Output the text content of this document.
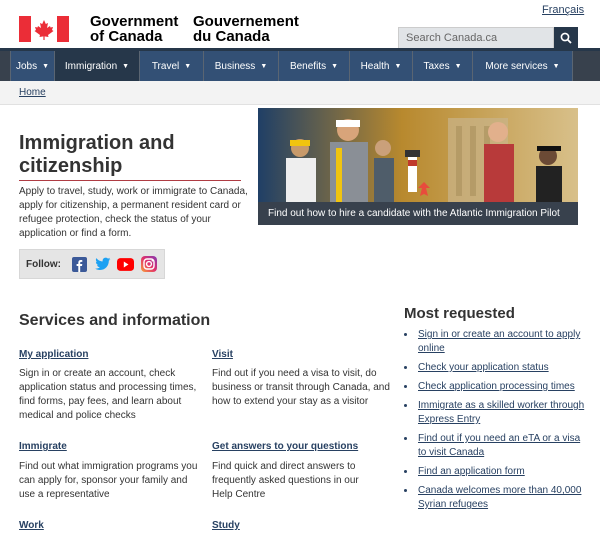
Français
Government
of Canada
Gouvernement
du Canada
Search Canada.ca
Jobs ▼ Immigration ▼ Travel ▼ Business ▼ Benefits ▼ Health ▼ Taxes ▼ More services ▼
Home
Immigration and citizenship

Apply to travel, study, work or immigrate to Canada, apply for citizenship, a permanent resident card or refugee protection, check the status of your application or find a form.

Follow:
Find out how to hire a candidate with the Atlantic Immigration Pilot
Services and information
My application

Sign in or create an account, check application status and processing times, find forms, pay fees, and learn about medical and police checks

Visit

Find out if you need a visa to visit, do business or transit through Canada, and how to extend your stay as a visitor

Immigrate

Find out what immigration programs you can apply for, sponsor your family and use a representative

Get answers to your questions

Find quick and direct answers to frequently asked questions in our Help Centre

Work	Study
Most requested
• Sign in or create an account to apply online
• Check your application status
• Check application processing times
• Immigrate as a skilled worker through Express Entry
• Find out if you need an eTA or a visa to visit Canada
• Find an application form
• Canada welcomes more than 40,000 Syrian refugees
